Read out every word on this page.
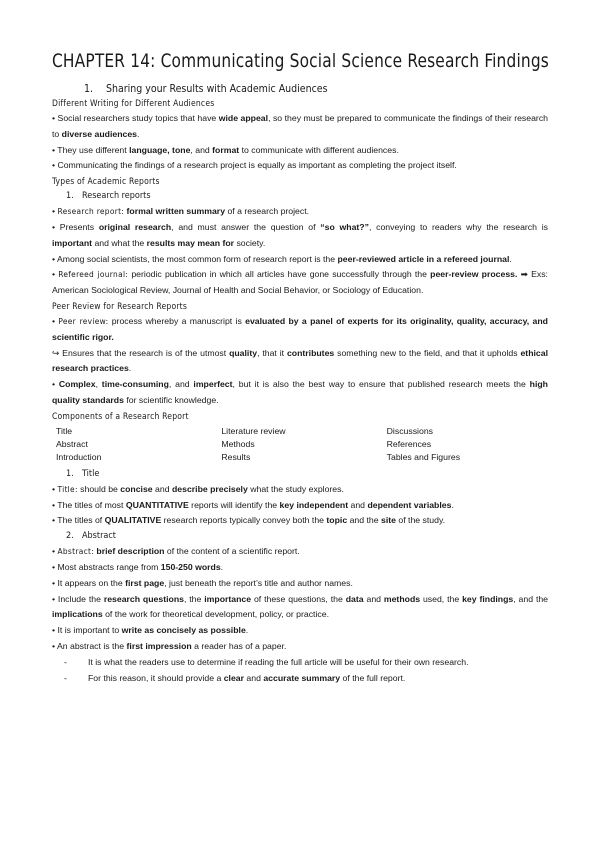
CHAPTER 14: Communicating Social Science Research Findings
1.	Sharing your Results with Academic Audiences
Different Writing for Different Audiences

• Social researchers study topics that have wide appeal, so they must be prepared to communicate the findings of their research to diverse audiences.

• They use different language, tone, and format to communicate with different audiences.

• Communicating the findings of a research project is equally as important as completing the project itself.

Types of Academic Reports
1. Research reports

• Research report: formal written summary of a research project.

• Presents original research, and must answer the question of “so what?”, conveying to readers why the research is important and what the results may mean for society.

• Among social scientists, the most common form of research report is the peer-reviewed article in a refereed journal.

• Refereed journal: periodic publication in which all articles have gone successfully through the peer-review process. ➡ Exs: American Sociological Review, Journal of Health and Social Behavior, or Sociology of Education.

Peer Review for Research Reports

• Peer review: process whereby a manuscript is evaluated by a panel of experts for its originality, quality, accuracy, and scientific rigor.

↪ Ensures that the research is of the utmost quality, that it contributes something new to the field, and that it upholds ethical research practices.

• Complex, time-consuming, and imperfect, but it is also the best way to ensure that published research meets the high quality standards for scientific knowledge.

Components of a Research Report
Title	Literature review	Discussions
Abstract	Methods	References
Introduction	Results	Tables and Figures
1. Title

• Title: should be concise and describe precisely what the study explores.

• The titles of most QUANTITATIVE reports will identify the key independent and dependent variables.

• The titles of QUALITATIVE research reports typically convey both the topic and the site of the study.

2. Abstract

• Abstract: brief description of the content of a scientific report.

• Most abstracts range from 150-250 words.

• It appears on the first page, just beneath the report’s title and author names.

• Include the research questions, the importance of these questions, the data and methods used, the key findings, and the implications of the work for theoretical development, policy, or practice.

• It is important to write as concisely as possible.

• An abstract is the first impression a reader has of a paper.

-	It is what the readers use to determine if reading the full article will be useful for their own research.
-	For this reason, it should provide a clear and accurate summary of the full report.
